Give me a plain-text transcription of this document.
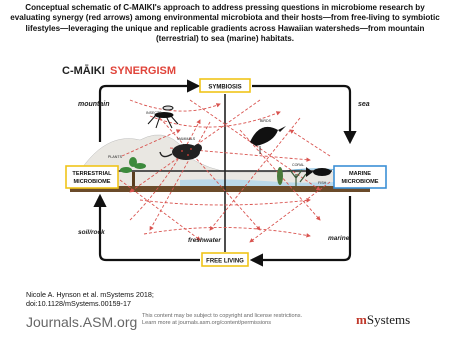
Conceptual schematic of C-MAIKI's approach to address pressing questions in microbiome research by evaluating synergy (red arrows) among environmental microbiota and their hosts—from free-living to symbiotic lifestyles—leveraging the unique and replicable gradients across Hawaiian watersheds—from mountain (terrestrial) to sea (marine) habitats.
C-MĀIKI SYNERGISM
mountain	sea
soil/rock
freshwater	marine
INSECTS
MAMMALS
PLANTS
BIRDS
CORAL
FISH
SYMBIOSIS
FREE LIVING
TERRESTRIAL
MICROBIOME
MARINE
MICROBIOME
Nicole A. Hynson et al. mSystems 2018;
doi:10.1128/mSystems.00159-17
Journals.ASM.org This content may be subject to copyright and license restrictions.
Learn more at journals.asm.org/content/permissions	mSystems
